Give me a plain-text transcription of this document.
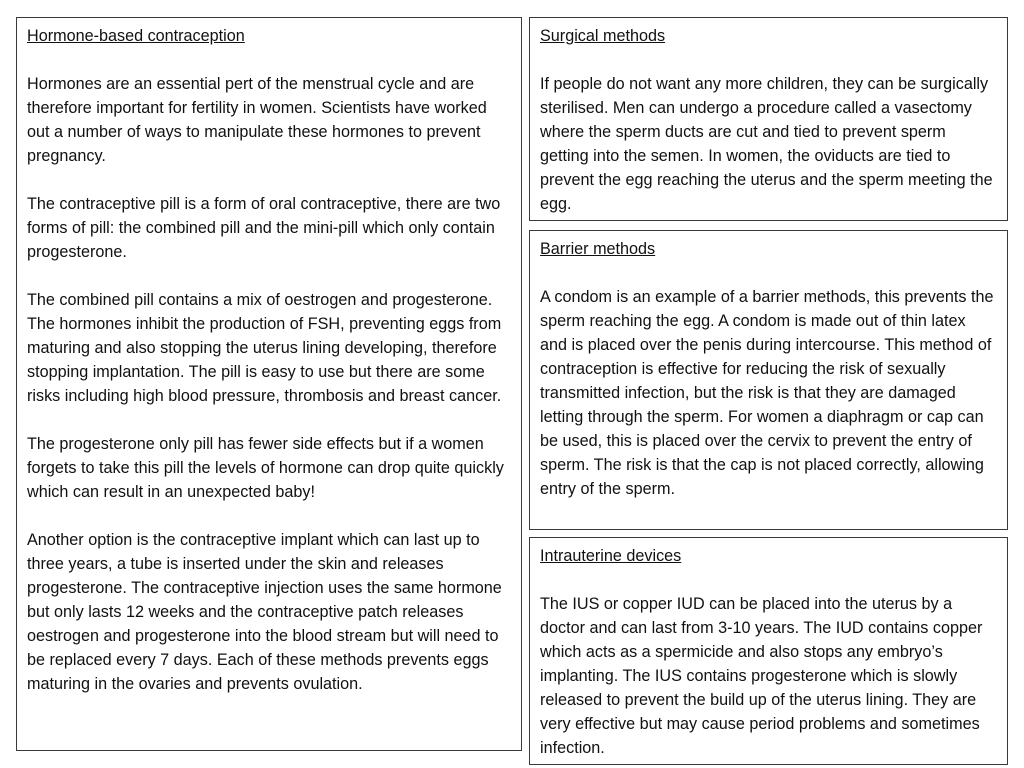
Hormone-based contraception

Hormones are an essential pert of the menstrual cycle and are therefore important for fertility in women. Scientists have worked out a number of ways to manipulate these hormones to prevent pregnancy.

The contraceptive pill is a form of oral contraceptive, there are two forms of pill: the combined pill and the mini-pill which only contain progesterone.

The combined pill contains a mix of oestrogen and progesterone. The hormones inhibit the production of FSH, preventing eggs from maturing and also stopping the uterus lining developing, therefore stopping implantation. The pill is easy to use but there are some risks including high blood pressure, thrombosis and breast cancer.

The progesterone only pill has fewer side effects but if a women forgets to take this pill the levels of hormone can drop quite quickly which can result in an unexpected baby!

Another option is the contraceptive implant which can last up to three years, a tube is inserted under the skin and releases progesterone. The contraceptive injection uses the same hormone but only lasts 12 weeks and the contraceptive patch releases oestrogen and progesterone into the blood stream but will need to be replaced every 7 days. Each of these methods prevents eggs maturing in the ovaries and prevents ovulation.

Surgical methods

If people do not want any more children, they can be surgically sterilised. Men can undergo a procedure called a vasectomy where the sperm ducts are cut and tied to prevent sperm getting into the semen. In women, the oviducts are tied to prevent the egg reaching the uterus and the sperm meeting the egg.

Barrier methods

A condom is an example of a barrier methods, this prevents the sperm reaching the egg. A condom is made out of thin latex and is placed over the penis during intercourse. This method of contraception is effective for reducing the risk of sexually transmitted infection, but the risk is that they are damaged letting through the sperm. For women a diaphragm or cap can be used, this is placed over the cervix to prevent the entry of sperm. The risk is that the cap is not placed correctly, allowing entry of the sperm.

Intrauterine devices

The IUS or copper IUD can be placed into the uterus by a doctor and can last from 3-10 years. The IUD contains copper which acts as a spermicide and also stops any embryo’s implanting. The IUS contains progesterone which is slowly released to prevent the build up of the uterus lining. They are very effective but may cause period problems and sometimes infection.
